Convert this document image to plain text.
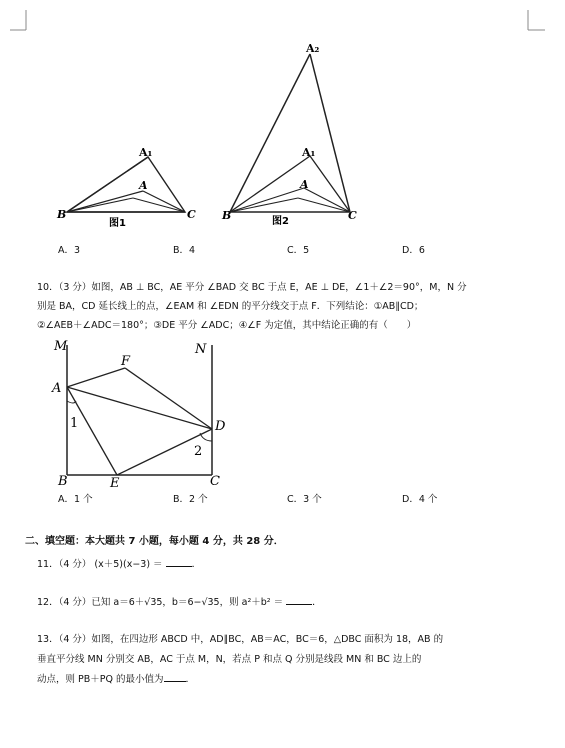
A₁
A
B	C
图1
A₂
A₁
A
B	C
图2
A．3	B．4	C．5	D．6
10．（3 分）如图，AB ⊥ BC，AE 平分 ∠BAD 交 BC 于点 E，AE ⊥ DE，∠1＋∠2＝90°，M，N 分
别是 BA，CD 延长线上的点，∠EAM 和 ∠EDN 的平分线交于点 F．下列结论：①AB∥CD；
②∠AEB＋∠ADC＝180°；③DE 平分 ∠ADC；④∠F 为定值，其中结论正确的有（　　）
M	N
F
A
D
B	E	C
1
2
A．1 个	B．2 个	C．3 个	D．4 个
二、填空题：本大题共 7 小题，每小题 4 分，共 28 分．
11．（4 分） (x＋5)(x−3) ＝	．
12．（4 分）已知 a＝6＋√35，b＝6−√35，则 a²＋b² ＝	．
13．（4 分）如图，在四边形 ABCD 中，AD∥BC，AB＝AC，BC＝6，△DBC 面积为 18，AB 的
垂直平分线 MN 分别交 AB，AC 于点 M，N，若点 P 和点 Q 分别是线段 MN 和 BC 边上的
动点，则 PB＋PQ 的最小值为 ．
